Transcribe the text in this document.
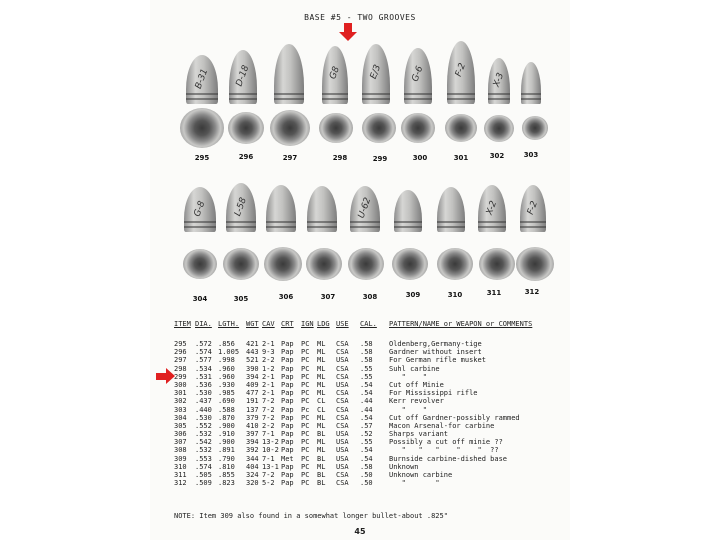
BASE #5 - TWO GROOVES
B-31
295
D-18
296	297
G8
298
E/3
299
G-6
300
F-2
301
X-3
302	303
G-8
304
L-58
305	306	307
U-62
308	309	310
X-2
311
F-2
312
ITEM DIA. LGTH. WGT CAV CRT IGN LDG USE CAL. PATTERN/NAME or WEAPON or COMMENTS
295 .572 .856 421 2-1 Pap PC ML CSA .58 Oldenberg,Germany-tige
296 .574 1.005 443 9-3 Pap PC ML CSA .58 Gardner without insert
297 .577 .998 521 2-2 Pap PC ML USA .58 For German rifle musket
298 .534 .960 390 1-2 Pap PC ML CSA .55 Suhl carbine
299 .531 .960 394 2-1 Pap PC ML CSA .55 "    "
300 .536 .930 409 2-1 Pap PC ML USA .54 Cut off Minie
301 .530 .985 477 2-1 Pap PC ML CSA .54 For Mississippi rifle
302 .437 .690 191 7-2 Pap PC CL CSA .44 Kerr revolver
303 .440 .588 137 7-2 Pap Pc CL CSA .44 "    "
304 .530 .870 379 7-2 Pap PC ML CSA .54 Cut off Gardner-possibly rammed
305 .552 .900 410 2-2 Pap PC ML CSA .57 Macon Arsenal-for carbine
306 .532 .910 397 7-1 Pap PC BL USA .52 Sharps variant
307 .542 .900 394 13-2 Pap PC ML USA .55 Possibly a cut off minie ??
308 .532 .891 392 10-2 Pap PC ML USA .54 "   "   "    "    "  ??
309 .553 .790 344 7-1 Met PC BL USA .54 Burnside carbine-dished base
310 .574 .810 404 13-1 Pap PC ML USA .58 Unknown
311 .505 .855 324 7-2 Pap PC BL CSA .50 Unknown carbine
312 .509 .823 320 5-2 Pap PC BL CSA .50 "       "
NOTE: Item 309 also found in a somewhat longer bullet-about .825"
45
